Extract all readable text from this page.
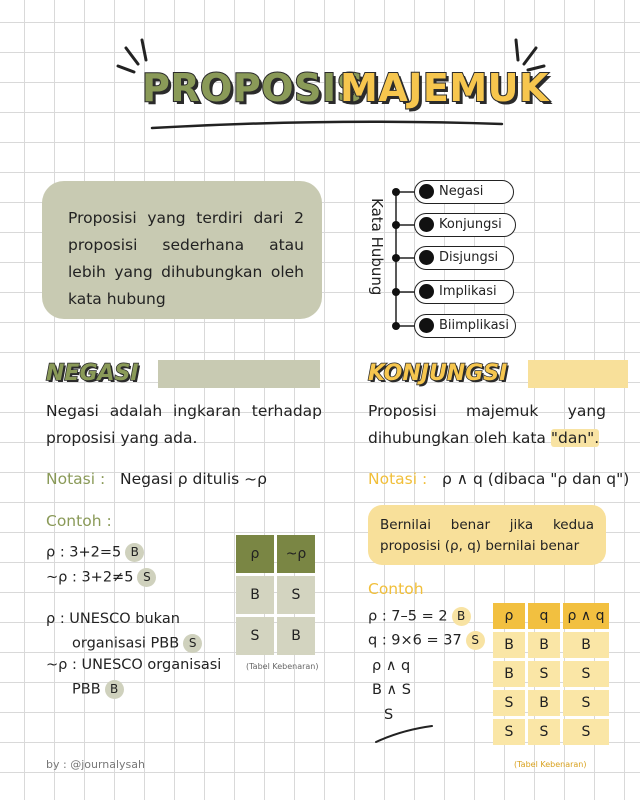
PROPOSISI
MAJEMUK
Proposisi yang terdiri dari 2 proposisi sederhana atau lebih yang dihubungkan oleh kata hubung
Kata Hubung
Negasi
Konjungsi
Disjungsi
Implikasi
Biimplikasi
NEGASI
Negasi adalah ingkaran terhadap proposisi yang ada.
Notasi : Negasi ρ ditulis ~ρ
Contoh :
ρ : 3+2=5 B
~ρ : 3+2≠5 S
ρ : UNESCO bukan
organisasi PBB S
~ρ : UNESCO organisasi
PBB B
ρ	~ρ
B	S
S	B
(Tabel Kebenaran)
KONJUNGSI
Proposisi majemuk yang dihubungkan oleh kata "dan".
Notasi : ρ ∧ q (dibaca "ρ dan q")
Bernilai benar jika kedua proposisi (ρ, q) bernilai benar
Contoh
ρ : 7–5 = 2 B
q : 9×6 = 37 S
ρ ∧ q
B ∧ S
S
ρ	q	ρ ∧ q
B	B	B
B	S	S
S	B	S
S	S	S
(Tabel Kebenaran)
by : @journalysah
